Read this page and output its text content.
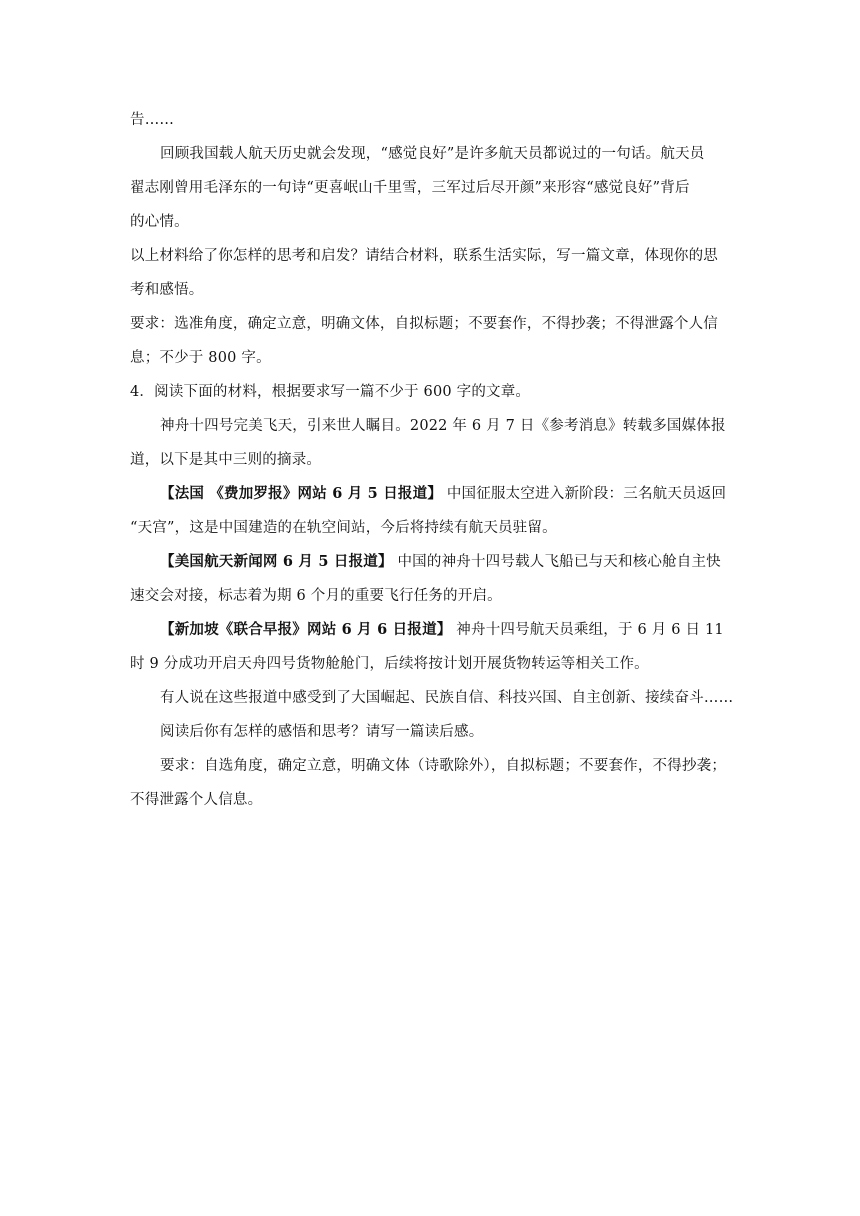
告……
回顾我国载人航天历史就会发现，“感觉良好”是许多航天员都说过的一句话。航天员
翟志刚曾用毛泽东的一句诗“更喜岷山千里雪，三军过后尽开颜”来形容“感觉良好”背后
的心情。
以上材料给了你怎样的思考和启发？请结合材料，联系生活实际，写一篇文章，体现你的思
考和感悟。
要求：选准角度，确定立意，明确文体，自拟标题；不要套作，不得抄袭；不得泄露个人信
息；不少于 800 字。
4．阅读下面的材料，根据要求写一篇不少于 600 字的文章。
神舟十四号完美飞天，引来世人瞩目。2022 年 6 月 7 日《参考消息》转载多国媒体报
道，以下是其中三则的摘录。
【法国 《费加罗报》网站 6 月 5 日报道】 中国征服太空进入新阶段：三名航天员返回
“天宫”，这是中国建造的在轨空间站，今后将持续有航天员驻留。
【美国航天新闻网 6 月 5 日报道】 中国的神舟十四号载人飞船已与天和核心舱自主快
速交会对接，标志着为期 6 个月的重要飞行任务的开启。
【新加坡《联合早报》网站 6 月 6 日报道】 神舟十四号航天员乘组，于 6 月 6 日 11
时 9 分成功开启天舟四号货物舱舱门，后续将按计划开展货物转运等相关工作。
有人说在这些报道中感受到了大国崛起、民族自信、科技兴国、自主创新、接续奋斗……
阅读后你有怎样的感悟和思考？请写一篇读后感。
要求：自选角度，确定立意，明确文体（诗歌除外），自拟标题；不要套作，不得抄袭；
不得泄露个人信息。
